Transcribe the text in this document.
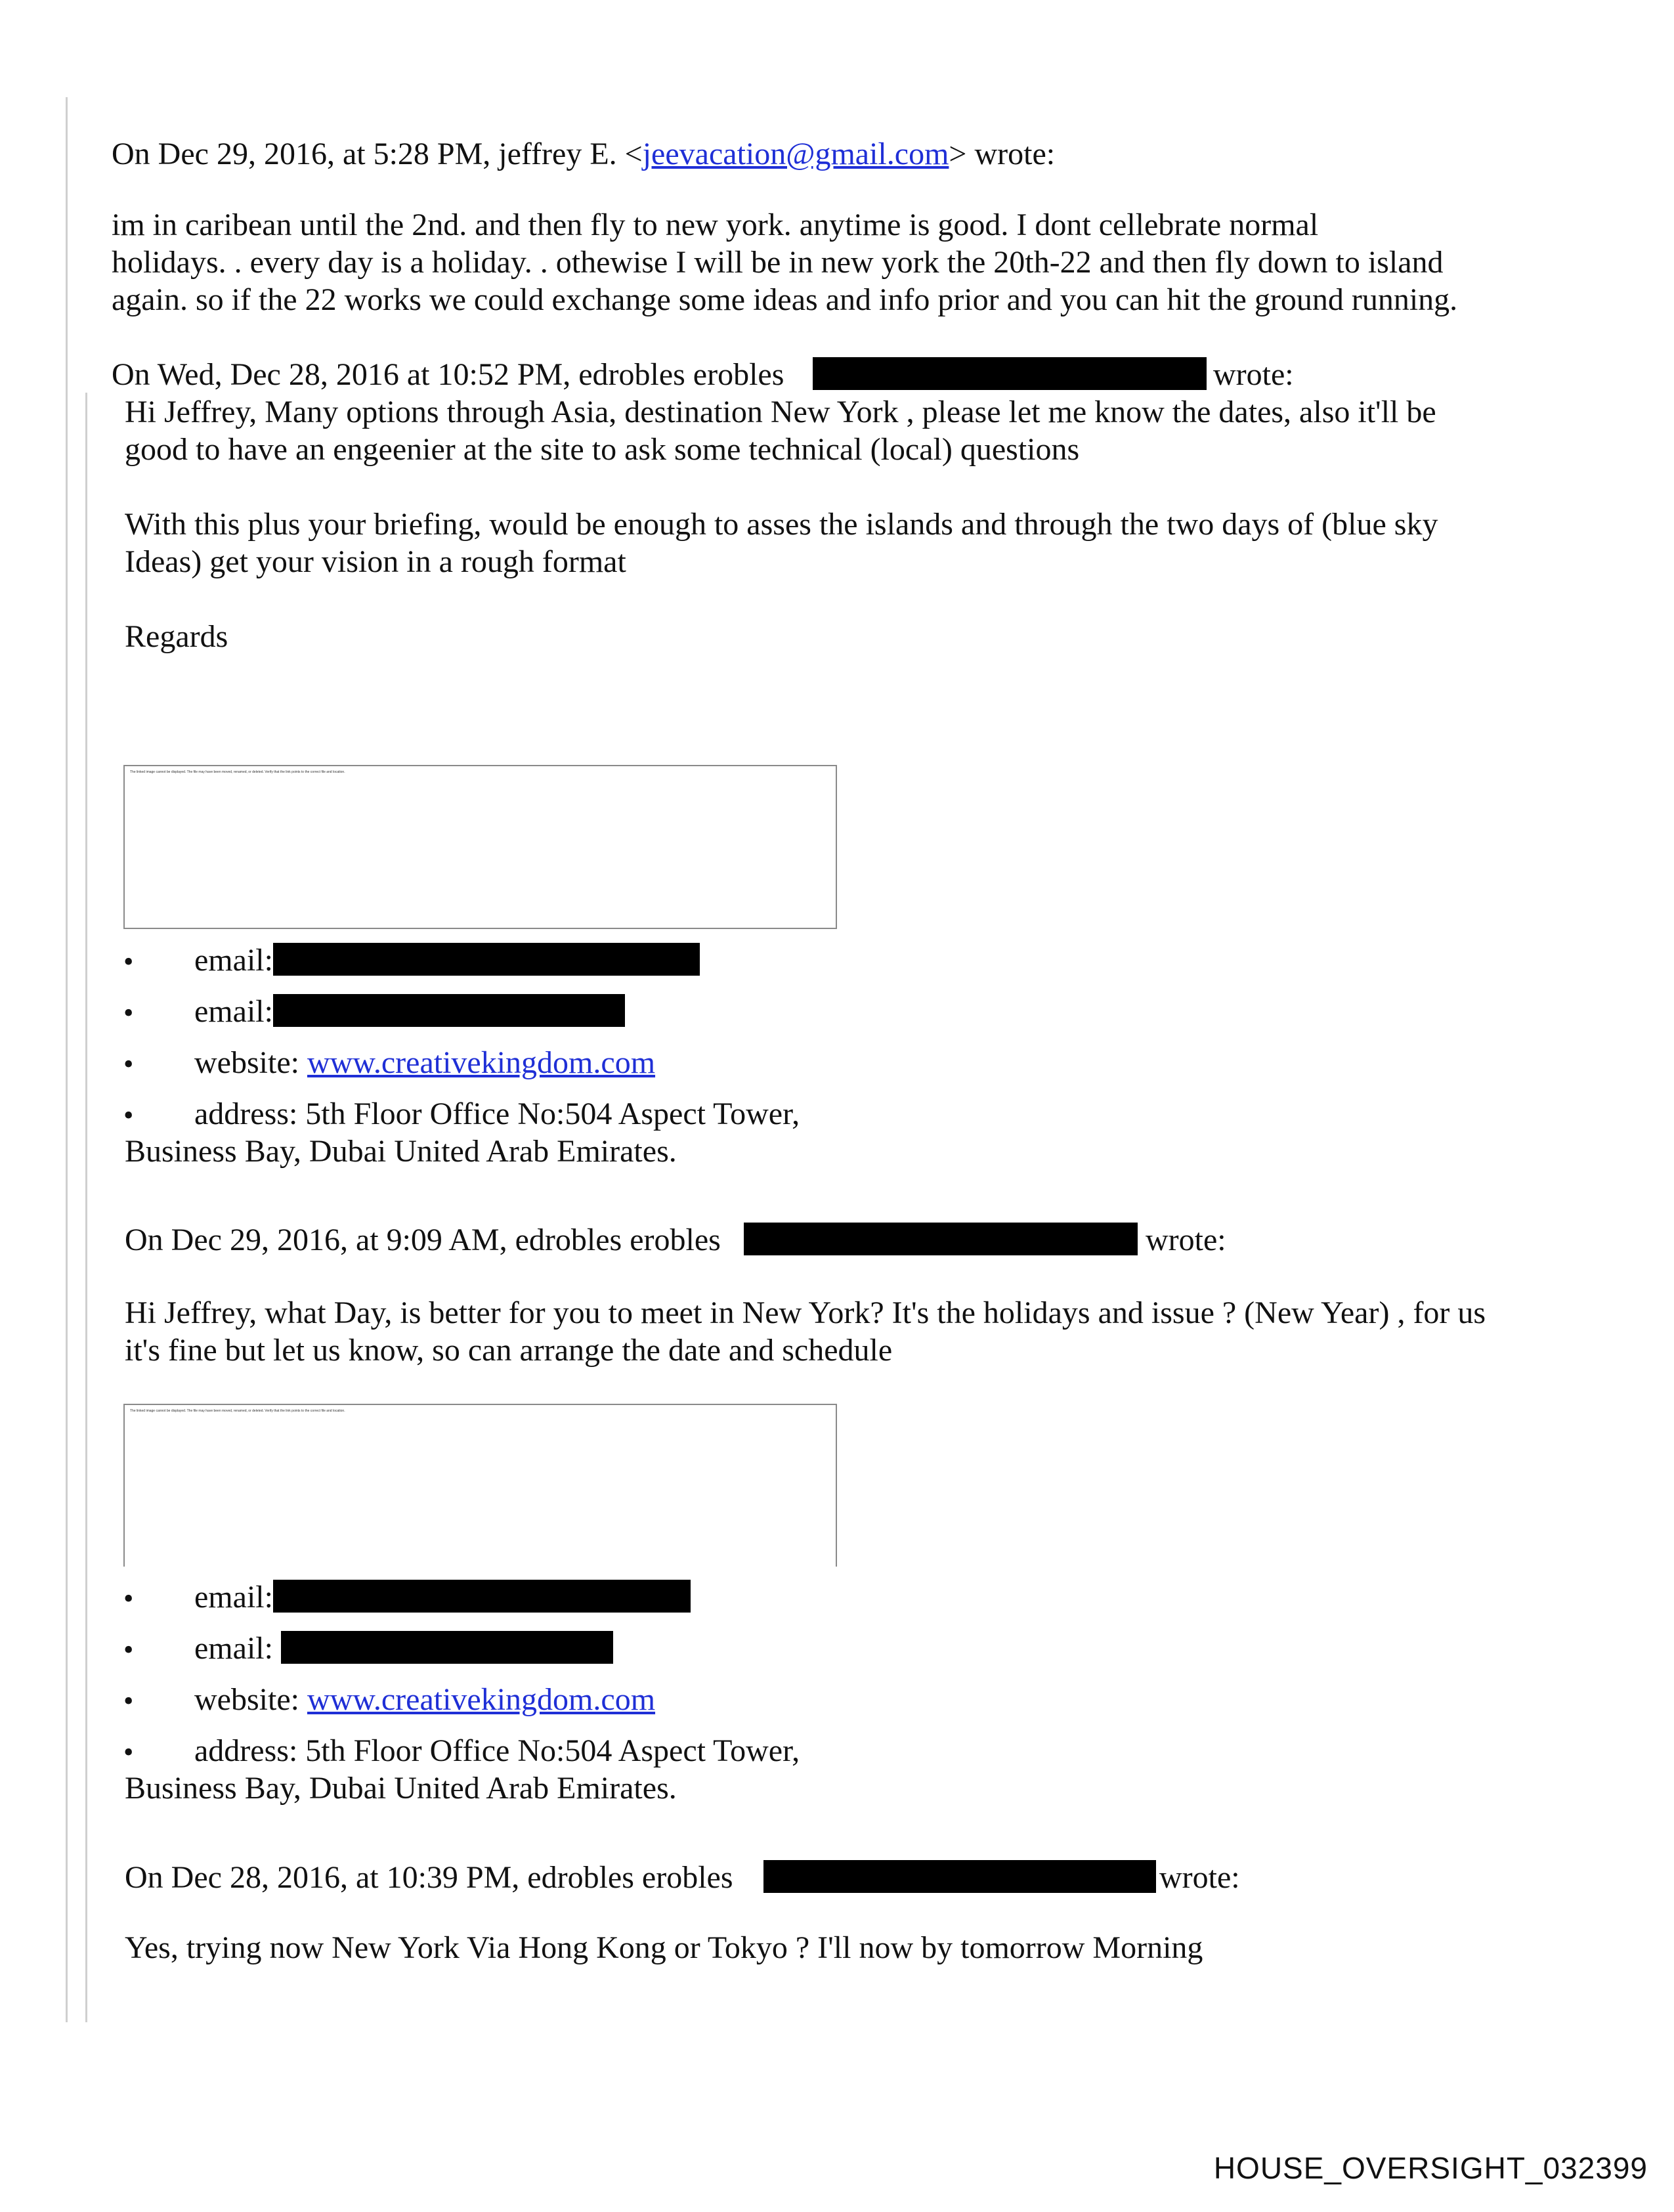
On Dec 29, 2016, at 5:28 PM, jeffrey E. <jeevacation@gmail.com> wrote:
im in caribean until the 2nd. and then fly to new york. anytime is good. I dont cellebrate normal
holidays. . every day is a holiday. . othewise I will be in new york the 20th-22 and then fly down to island
again. so if the 22 works we could exchange some ideas and info prior and you can hit the ground running.
On Wed, Dec 28, 2016 at 10:52 PM, edrobles erobles	wrote:
Hi Jeffrey, Many options through Asia, destination New York , please let me know the dates, also it'll be
good to have an engeenier at the site to ask some technical (local) questions
With this plus your briefing, would be enough to asses the islands and through the two days of (blue sky
Ideas) get your vision in a rough format
Regards
The linked image cannot be displayed. The file may have been moved, renamed, or deleted. Verify that the link points to the correct file and location.
• email:
• email:
• website: www.creativekingdom.com
• address: 5th Floor Office No:504 Aspect Tower,
Business Bay, Dubai United Arab Emirates.
On Dec 29, 2016, at 9:09 AM, edrobles erobles	wrote:
Hi Jeffrey, what Day, is better for you to meet in New York? It's the holidays and issue ? (New Year) , for us
it's fine but let us know, so can arrange the date and schedule
The linked image cannot be displayed. The file may have been moved, renamed, or deleted. Verify that the link points to the correct file and location.
• email:
• email:
• website: www.creativekingdom.com
• address: 5th Floor Office No:504 Aspect Tower,
Business Bay, Dubai United Arab Emirates.
On Dec 28, 2016, at 10:39 PM, edrobles erobles	wrote:
Yes, trying now New York Via Hong Kong or Tokyo ? I'll now by tomorrow Morning
HOUSE_OVERSIGHT_032399
